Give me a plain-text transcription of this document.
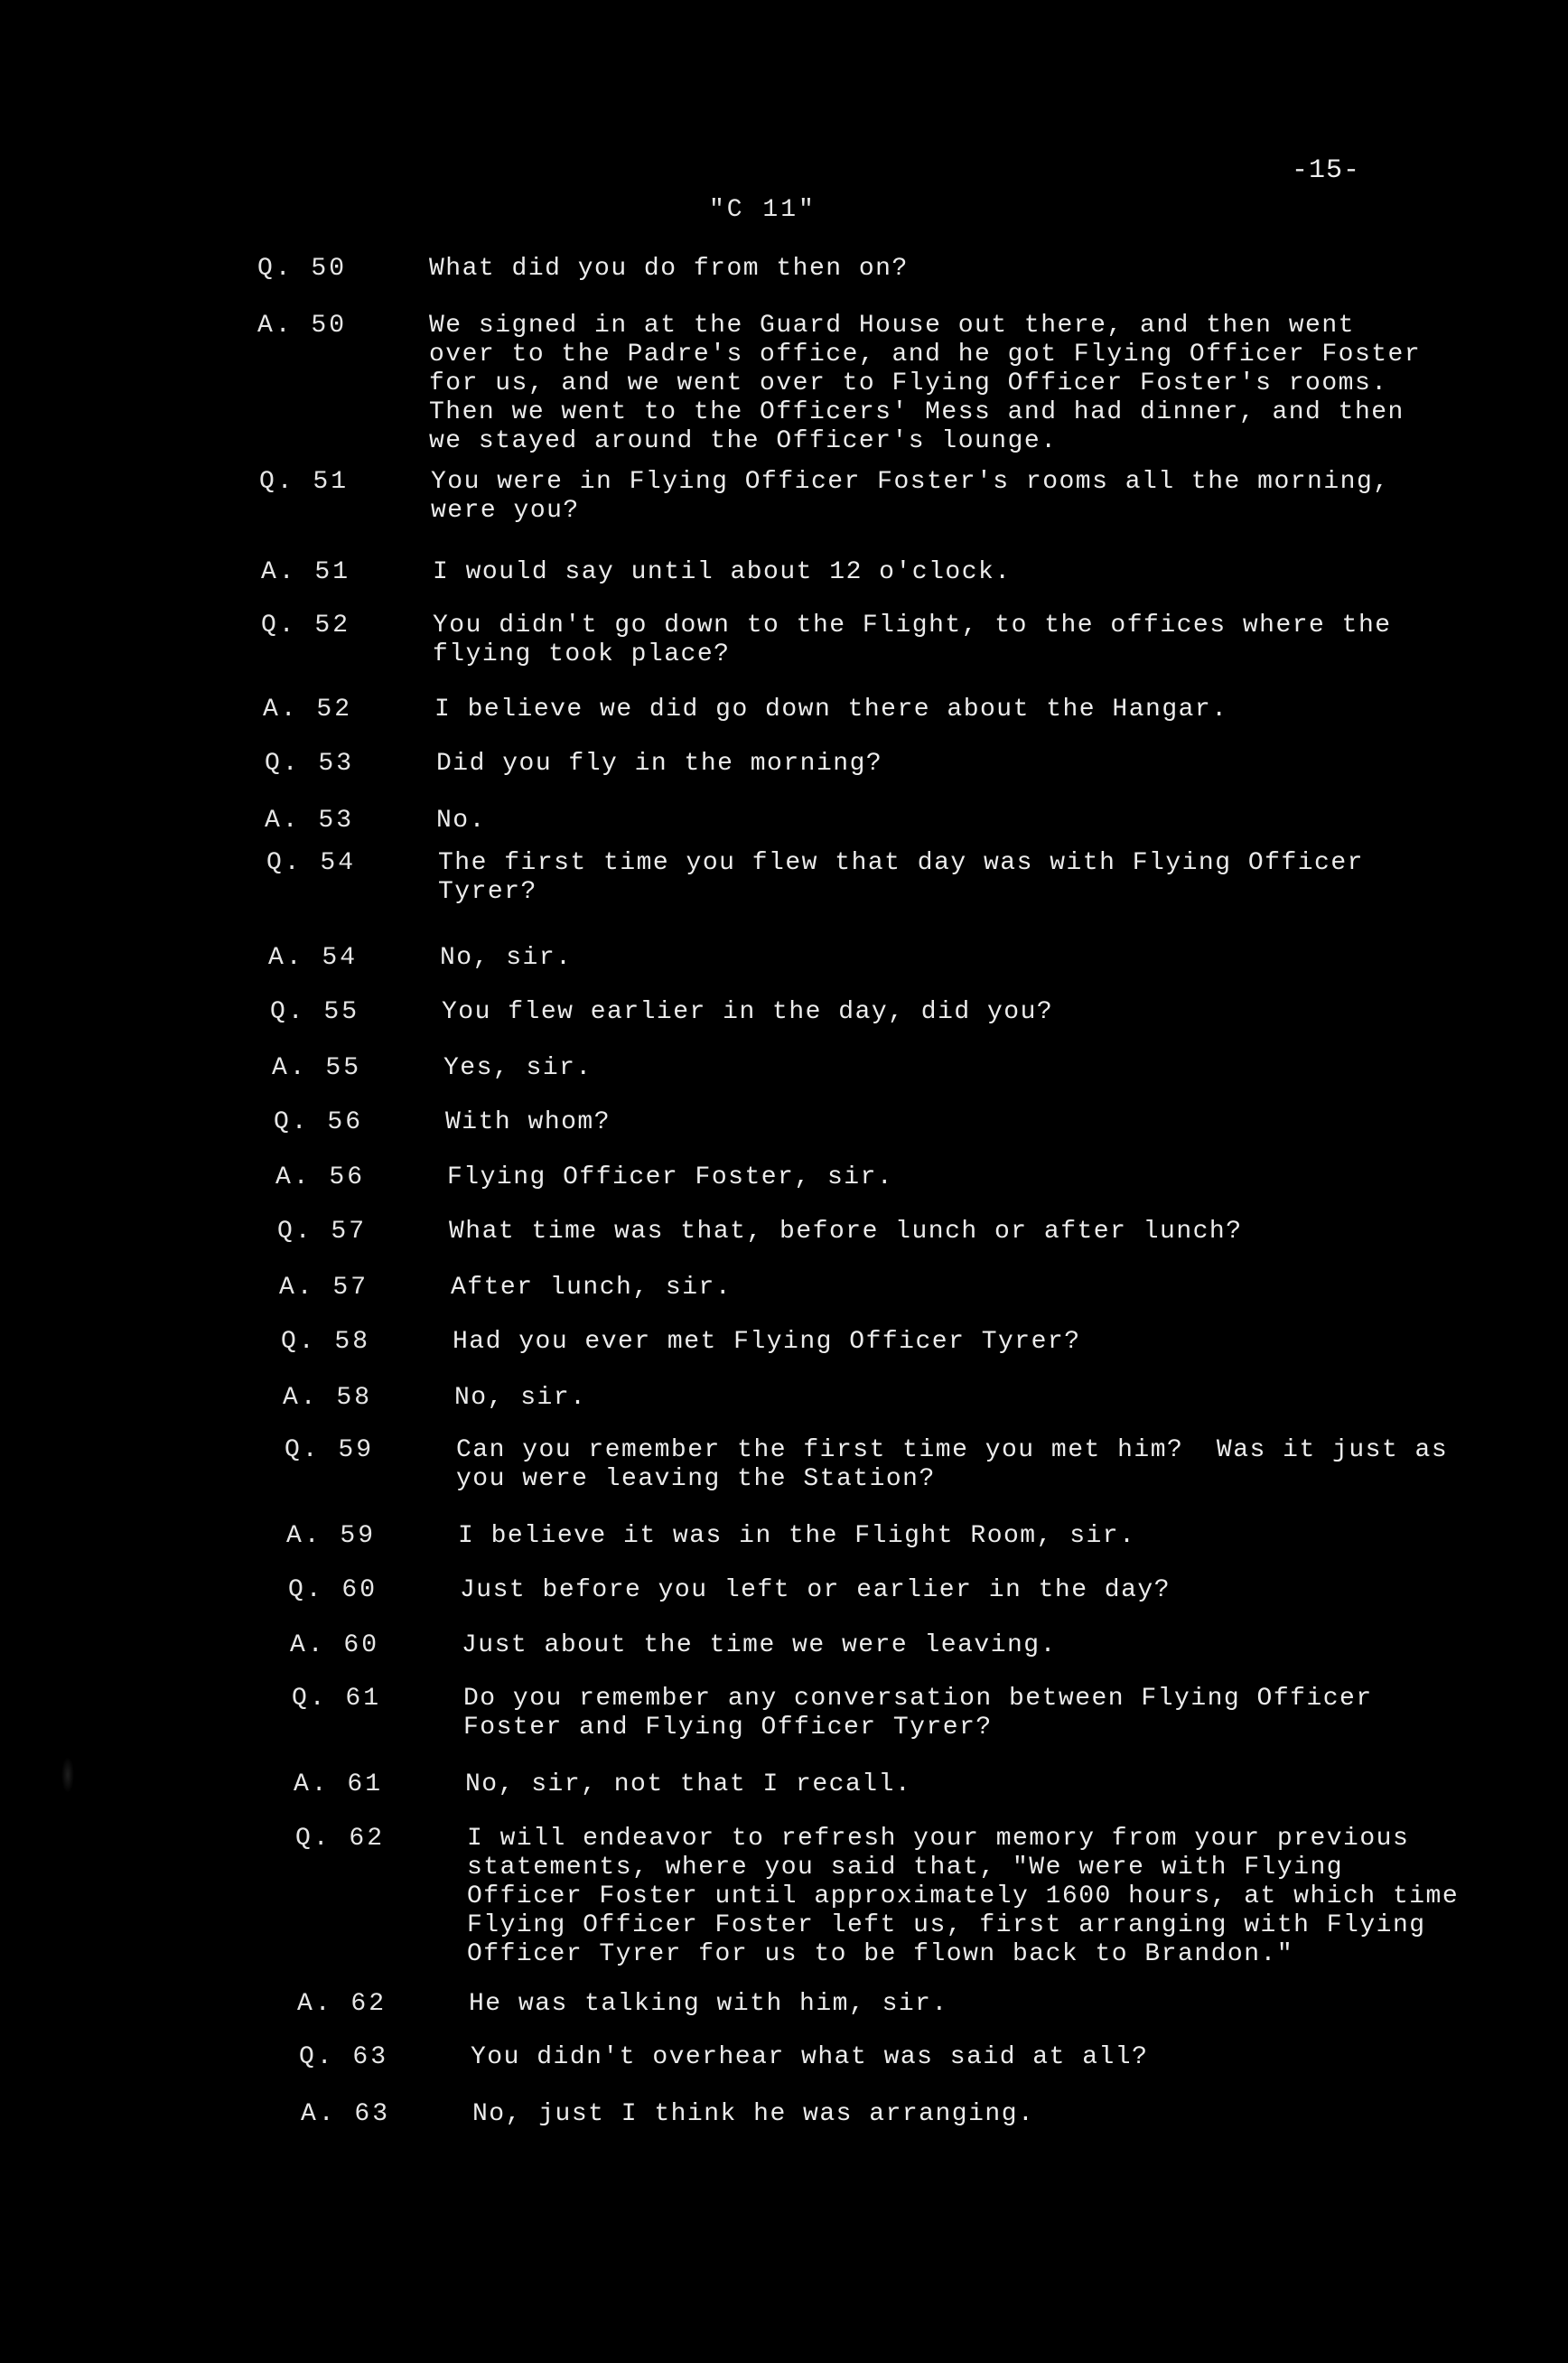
-15-
"C 11"
Q. 50	What did you do from then on?
A. 50	We signed in at the Guard House out there, and then went over to the Padre's office, and he got Flying Officer Foster for us, and we went over to Flying Officer Foster's rooms.  Then we went to the Officers' Mess and had dinner, and then we stayed around the Officer's lounge.
Q. 51	You were in Flying Officer Foster's rooms all the morning, were you?
A. 51	I would say until about 12 o'clock.
Q. 52	You didn't go down to the Flight, to the offices where the flying took place?
A. 52	I believe we did go down there about the Hangar.
Q. 53	Did you fly in the morning?
A. 53	No.
Q. 54	The first time you flew that day was with Flying Officer Tyrer?
A. 54	No, sir.
Q. 55	You flew earlier in the day, did you?
A. 55	Yes, sir.
Q. 56	With whom?
A. 56	Flying Officer Foster, sir.
Q. 57	What time was that, before lunch or after lunch?
A. 57	After lunch, sir.
Q. 58	Had you ever met Flying Officer Tyrer?
A. 58	No, sir.
Q. 59	Can you remember the first time you met him?  Was it just as you were leaving the Station?
A. 59	I believe it was in the Flight Room, sir.
Q. 60	Just before you left or earlier in the day?
A. 60	Just about the time we were leaving.
Q. 61	Do you remember any conversation between Flying Officer Foster and Flying Officer Tyrer?
A. 61	No, sir, not that I recall.
Q. 62	I will endeavor to refresh your memory from your previous statements, where you said that, "We were with Flying Officer Foster until approximately 1600 hours, at which time Flying Officer Foster left us, first arranging with Flying Officer Tyrer for us to be flown back to Brandon."
A. 62	He was talking with him, sir.
Q. 63	You didn't overhear what was said at all?
A. 63	No, just I think he was arranging.
